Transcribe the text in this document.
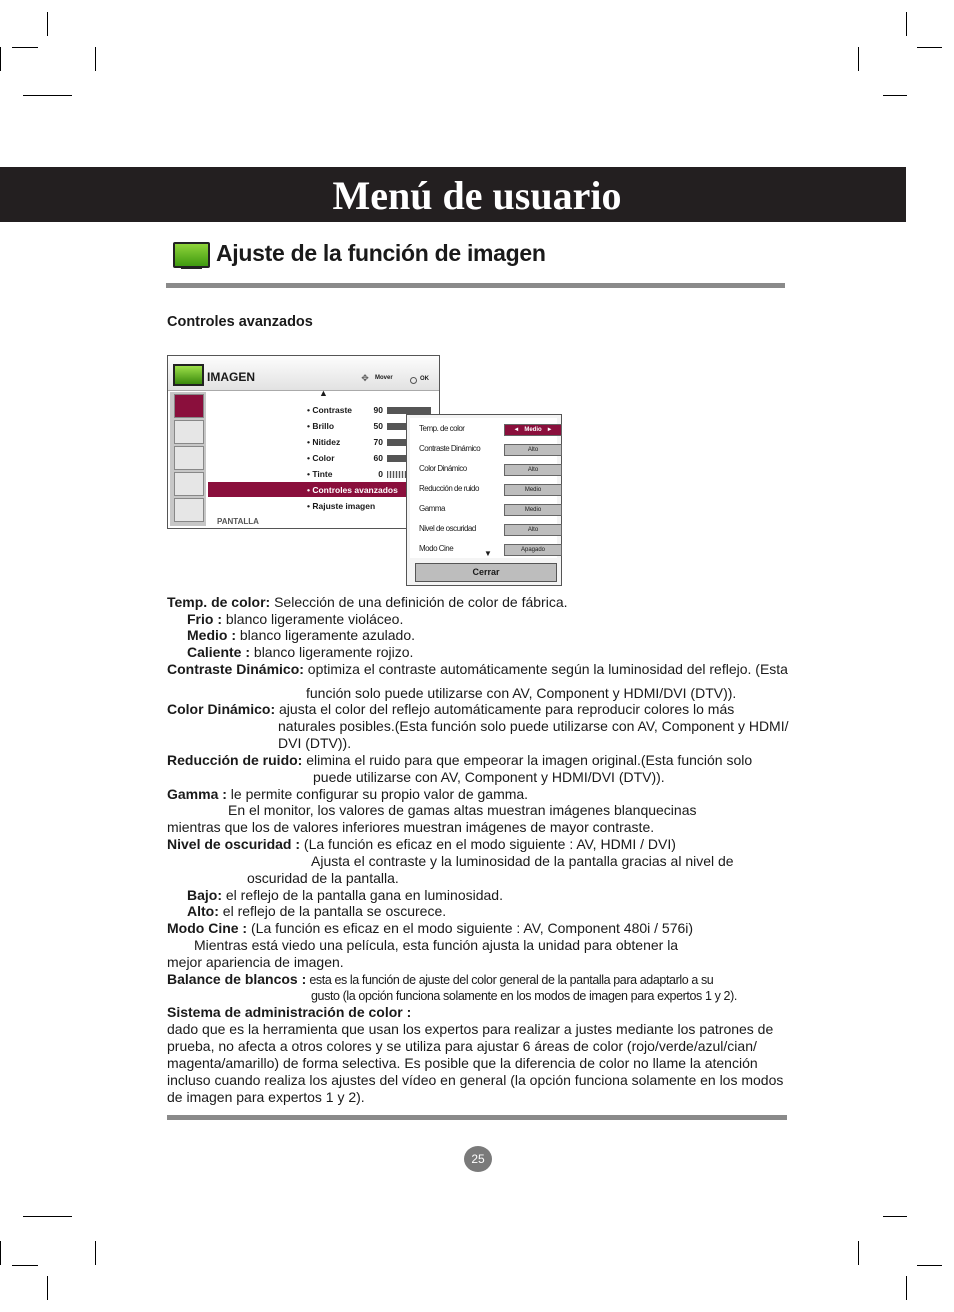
Menú de usuario
Ajuste de la función de imagen
Controles avanzados
IMAGEN	✥	Mover	OK
▲
• Contraste	90
• Brillo	50
• Nitidez	70
• Color	60
• Tinte	0
• Controles avanzados
• Rajuste imagen
PANTALLA
Temp. de color	◄   Medio   ►
Contraste Dinámico	Alto
Color Dinámico	Alto
Reducción de ruido	Medio
Gamma	Medio
Nivel de oscuridad	Alto
Modo Cine	Apagado
▼
Cerrar
Temp. de color: Selección de una definición de color de fábrica.
Frio : blanco ligeramente violáceo.
Medio : blanco ligeramente azulado.
Caliente : blanco ligeramente rojizo.
Contraste Dinámico: optimiza el contraste automáticamente según la luminosidad del reflejo. (Esta
función solo puede utilizarse con AV, Component y HDMI/DVI (DTV)).
Color Dinámico: ajusta el color del reflejo automáticamente para reproducir colores lo más
naturales posibles.(Esta función solo puede utilizarse con AV, Component y HDMI/
DVI (DTV)).
Reducción de ruido: elimina el ruido para que empeorar la imagen original.(Esta función solo
puede utilizarse con AV, Component y HDMI/DVI (DTV)).
Gamma : le permite configurar su propio valor de gamma.
En el monitor, los valores de gamas altas muestran imágenes blanquecinas
mientras que los de valores inferiores muestran imágenes de mayor contraste.
Nivel de oscuridad : (La función es eficaz en el modo siguiente : AV, HDMI / DVI)
Ajusta el contraste y la luminosidad de la pantalla gracias al nivel de
oscuridad de la pantalla.
Bajo: el reflejo de la pantalla gana en luminosidad.
Alto: el reflejo de la pantalla se oscurece.
Modo Cine : (La función es eficaz en el modo siguiente : AV, Component 480i / 576i)
Mientras está viedo una película, esta función ajusta la unidad para obtener la
mejor apariencia de imagen.
Balance de blancos : esta es la función de ajuste del color general de la pantalla para adaptarlo a su
gusto (la opción funciona solamente en los modos de imagen para expertos 1 y 2).
Sistema de administración de color :
dado que es la herramienta que usan los expertos para realizar a justes mediante los patrones de
prueba, no afecta a otros colores y se utiliza para ajustar 6 áreas de color (rojo/verde/azul/cian/
magenta/amarillo) de forma selectiva. Es posible que la diferencia de color no llame la atención
incluso cuando realiza los ajustes del vídeo en general (la opción funciona solamente en los modos
de imagen para expertos 1 y 2).
25
